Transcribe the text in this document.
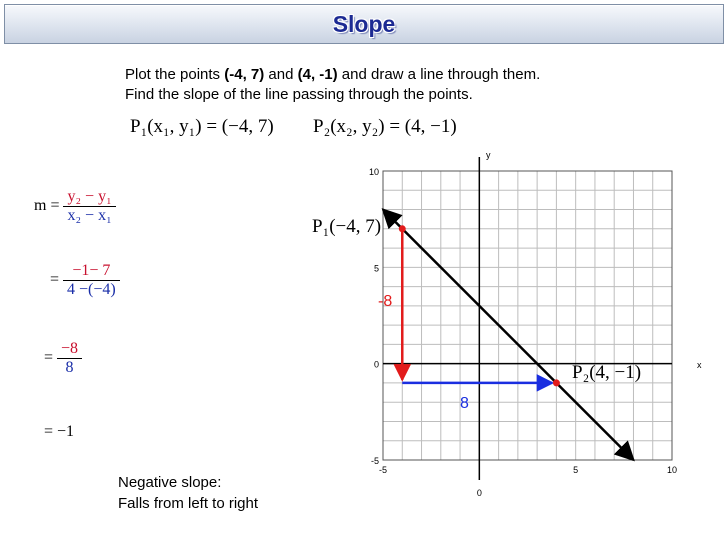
Slope
Plot the points (-4, 7) and (4, -1) and draw a line through them.
Find the slope of the line passing through the points.
P₁(x₁, y₁) = (−4, 7) P₂(x₂, y₂) = (4, −1)
$m = \frac{\text{y₂ − y₁}}{\text{x₂ − x₁}}$
= $\frac{-1- 7}{4 -(-4)}$
= $\frac{-8}{8}$
= −1
Negative slope:
Falls from left to right
-5
0
5	10
-5
0
5
10
P₁(−4, 7)
P₂(4, −1)
-8
8
x
y
